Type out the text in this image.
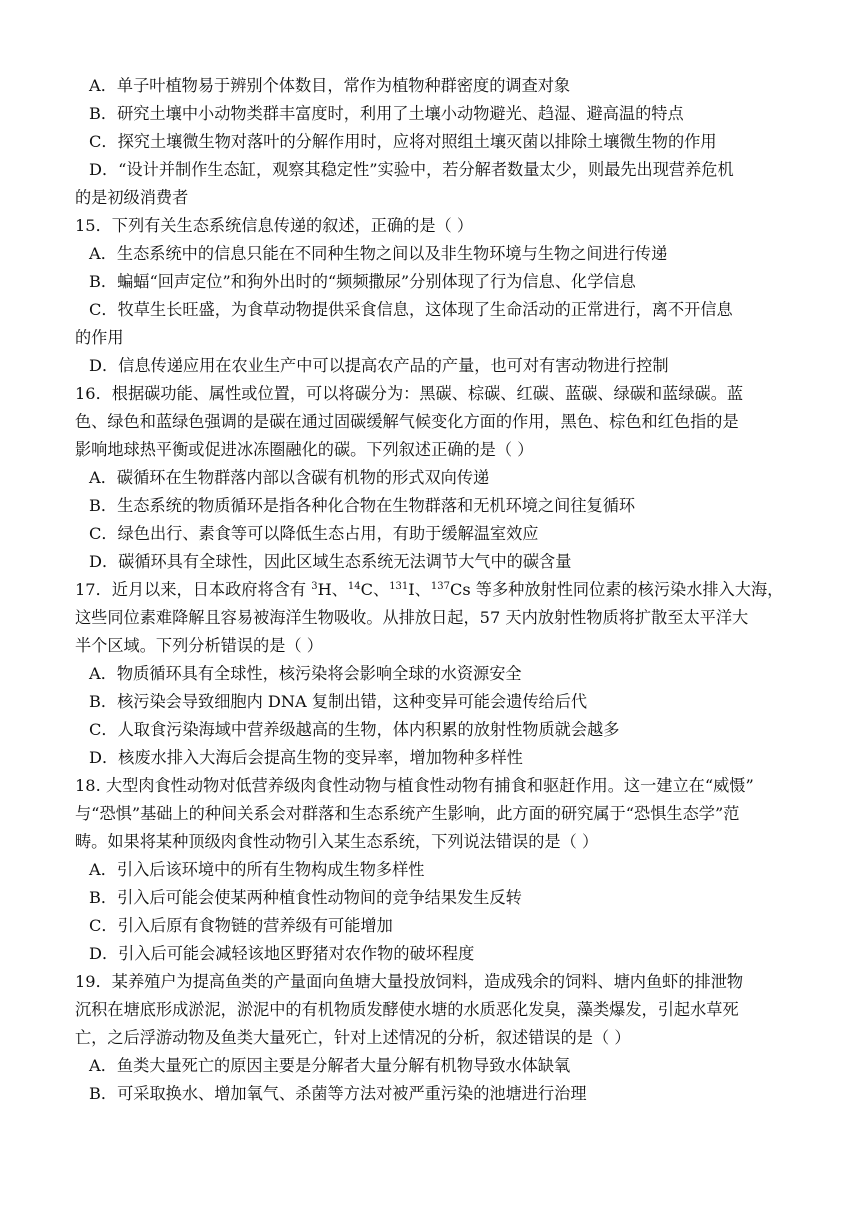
A．单子叶植物易于辨别个体数目，常作为植物种群密度的调查对象
B．研究土壤中小动物类群丰富度时，利用了土壤小动物避光、趋湿、避高温的特点
C．探究土壤微生物对落叶的分解作用时，应将对照组土壤灭菌以排除土壤微生物的作用
D．“设计并制作生态缸，观察其稳定性”实验中，若分解者数量太少，则最先出现营养危机
的是初级消费者
15．下列有关生态系统信息传递的叙述，正确的是（ ）
A．生态系统中的信息只能在不同种生物之间以及非生物环境与生物之间进行传递
B．蝙蝠“回声定位”和狗外出时的“频频撒尿”分别体现了行为信息、化学信息
C．牧草生长旺盛，为食草动物提供采食信息，这体现了生命活动的正常进行，离不开信息
的作用
D．信息传递应用在农业生产中可以提高农产品的产量，也可对有害动物进行控制
16．根据碳功能、属性或位置，可以将碳分为：黑碳、棕碳、红碳、蓝碳、绿碳和蓝绿碳。蓝
色、绿色和蓝绿色强调的是碳在通过固碳缓解气候变化方面的作用，黑色、棕色和红色指的是
影响地球热平衡或促进冰冻圈融化的碳。下列叙述正确的是（ ）
A．碳循环在生物群落内部以含碳有机物的形式双向传递
B．生态系统的物质循环是指各种化合物在生物群落和无机环境之间往复循环
C．绿色出行、素食等可以降低生态占用，有助于缓解温室效应
D．碳循环具有全球性，因此区域生态系统无法调节大气中的碳含量
17．近月以来，日本政府将含有 $^3$H、$^{14}$C、$^{131}$I、$^{137}$Cs 等多种放射性同位素的核污染水排入大海，
这些同位素难降解且容易被海洋生物吸收。从排放日起，57 天内放射性物质将扩散至太平洋大
半个区域。下列分析错误的是（ ）
A．物质循环具有全球性，核污染将会影响全球的水资源安全
B．核污染会导致细胞内 DNA 复制出错，这种变异可能会遗传给后代
C．人取食污染海域中营养级越高的生物，体内积累的放射性物质就会越多
D．核废水排入大海后会提高生物的变异率，增加物种多样性
18. 大型肉食性动物对低营养级肉食性动物与植食性动物有捕食和驱赶作用。这一建立在“威慑”
与“恐惧”基础上的种间关系会对群落和生态系统产生影响，此方面的研究属于“恐惧生态学”范
畴。如果将某种顶级肉食性动物引入某生态系统，下列说法错误的是（ ）
A．引入后该环境中的所有生物构成生物多样性
B．引入后可能会使某两种植食性动物间的竞争结果发生反转
C．引入后原有食物链的营养级有可能增加
D．引入后可能会减轻该地区野猪对农作物的破坏程度
19．某养殖户为提高鱼类的产量面向鱼塘大量投放饲料，造成残余的饲料、塘内鱼虾的排泄物
沉积在塘底形成淤泥，淤泥中的有机物质发酵使水塘的水质恶化发臭，藻类爆发，引起水草死
亡，之后浮游动物及鱼类大量死亡，针对上述情况的分析，叙述错误的是（ ）
A．鱼类大量死亡的原因主要是分解者大量分解有机物导致水体缺氧
B．可采取换水、增加氧气、杀菌等方法对被严重污染的池塘进行治理
